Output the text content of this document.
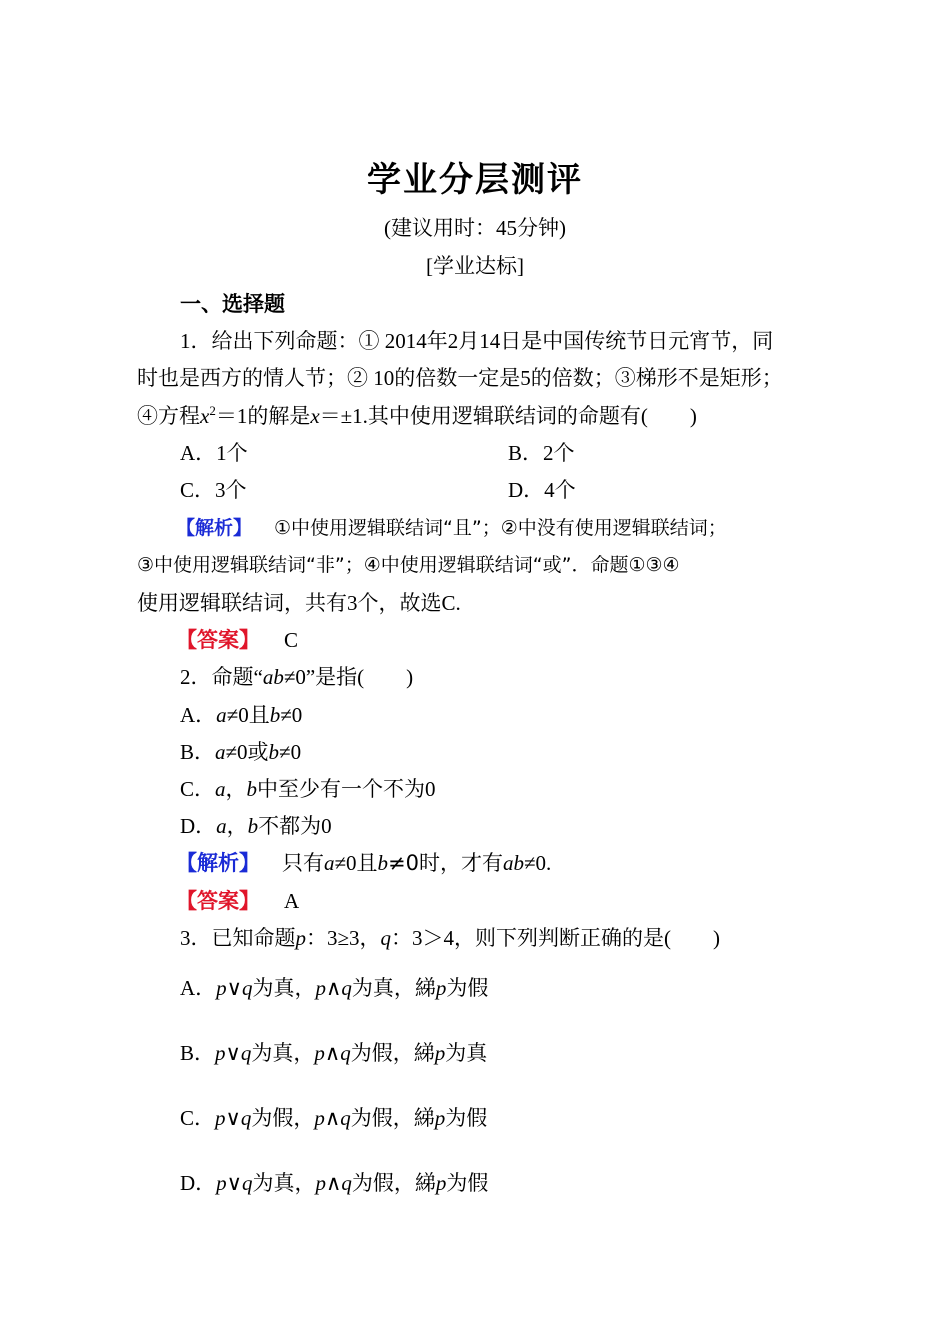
学业分层测评
(建议用时：45分钟)
[学业达标]
一、选择题
1．给出下列命题：① 2014年2月14日是中国传统节日元宵节，同
时也是西方的情人节；② 10的倍数一定是5的倍数；③梯形不是矩形；
④方程$x^2=1$的解是x＝±1.其中使用逻辑联结词的命题有(　　)
A．1个	B．2个
C．3个	D．4个
【解析】 ①中使用逻辑联结词“且”；②中没有使用逻辑联结词；
③中使用逻辑联结词“非”；④中使用逻辑联结词“或”．命题①③④
使用逻辑联结词，共有3个，故选C.
【答案】 C
2．命题“ab≠0”是指(　　)
A．a≠0且b≠0
B．a≠0或b≠0
C．a，b中至少有一个不为0
D．a，b不都为0
【解析】 只有a≠0且b≠0时，才有ab≠0.
【答案】 A
3．已知命题p：3≥3，q：3＞4，则下列判断正确的是(　　)
A．p∨q为真，p∧q为真，綈p为假
B．p∨q为真，p∧q为假，綈p为真
C．p∨q为假，p∧q为假，綈p为假
D．p∨q为真，p∧q为假，綈p为假
